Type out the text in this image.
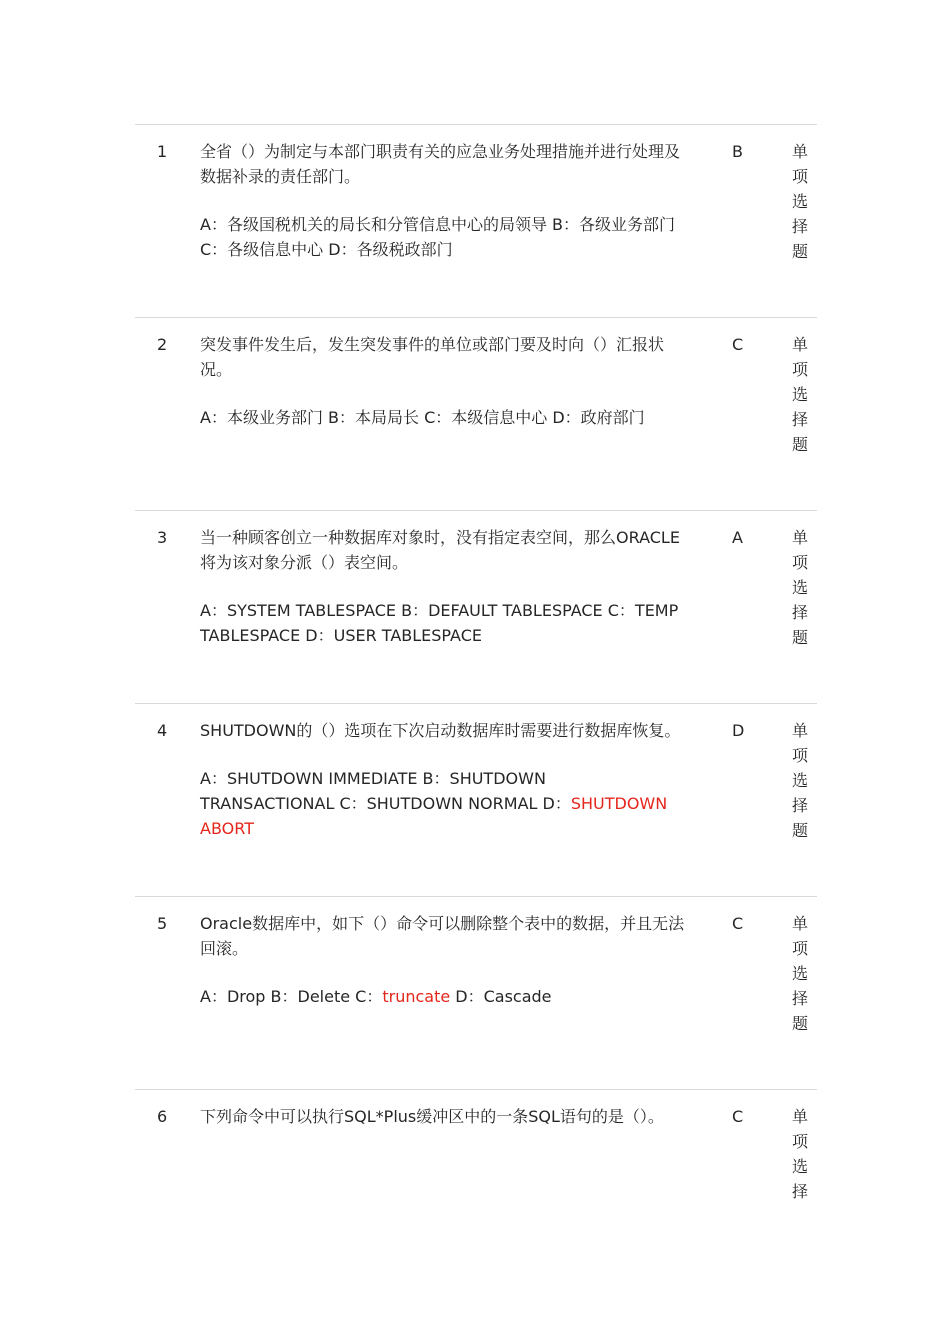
1 全省（）为制定与本部门职责有关的应急业务处理措施并进行处理及数据补录的责任部门。

A：各级国税机关的局长和分管信息中心的局领导 B：各级业务部门 C：各级信息中心 D：各级税政部门

B	单
项
选
择
题
2 突发事件发生后，发生突发事件的单位或部门要及时向（）汇报状况。

A：本级业务部门 B：本局局长 C：本级信息中心 D：政府部门

C	单
项
选
择
题
3 当一种顾客创立一种数据库对象时，没有指定表空间，那么ORACLE将为该对象分派（）表空间。

A：SYSTEM TABLESPACE B：DEFAULT TABLESPACE C：TEMP TABLESPACE D：USER TABLESPACE

A	单
项
选
择
题
4 SHUTDOWN的（）选项在下次启动数据库时需要进行数据库恢复。

A：SHUTDOWN IMMEDIATE B：SHUTDOWN TRANSACTIONAL C：SHUTDOWN NORMAL D：SHUTDOWN ABORT

D	单
项
选
择
题
5 Oracle数据库中，如下（）命令可以删除整个表中的数据，并且无法回滚。

A：Drop B：Delete C：truncate D：Cascade

C	单
项
选
择
题
6 下列命令中可以执行SQL*Plus缓冲区中的一条SQL语句的是（）。	C	单
项
选
择
